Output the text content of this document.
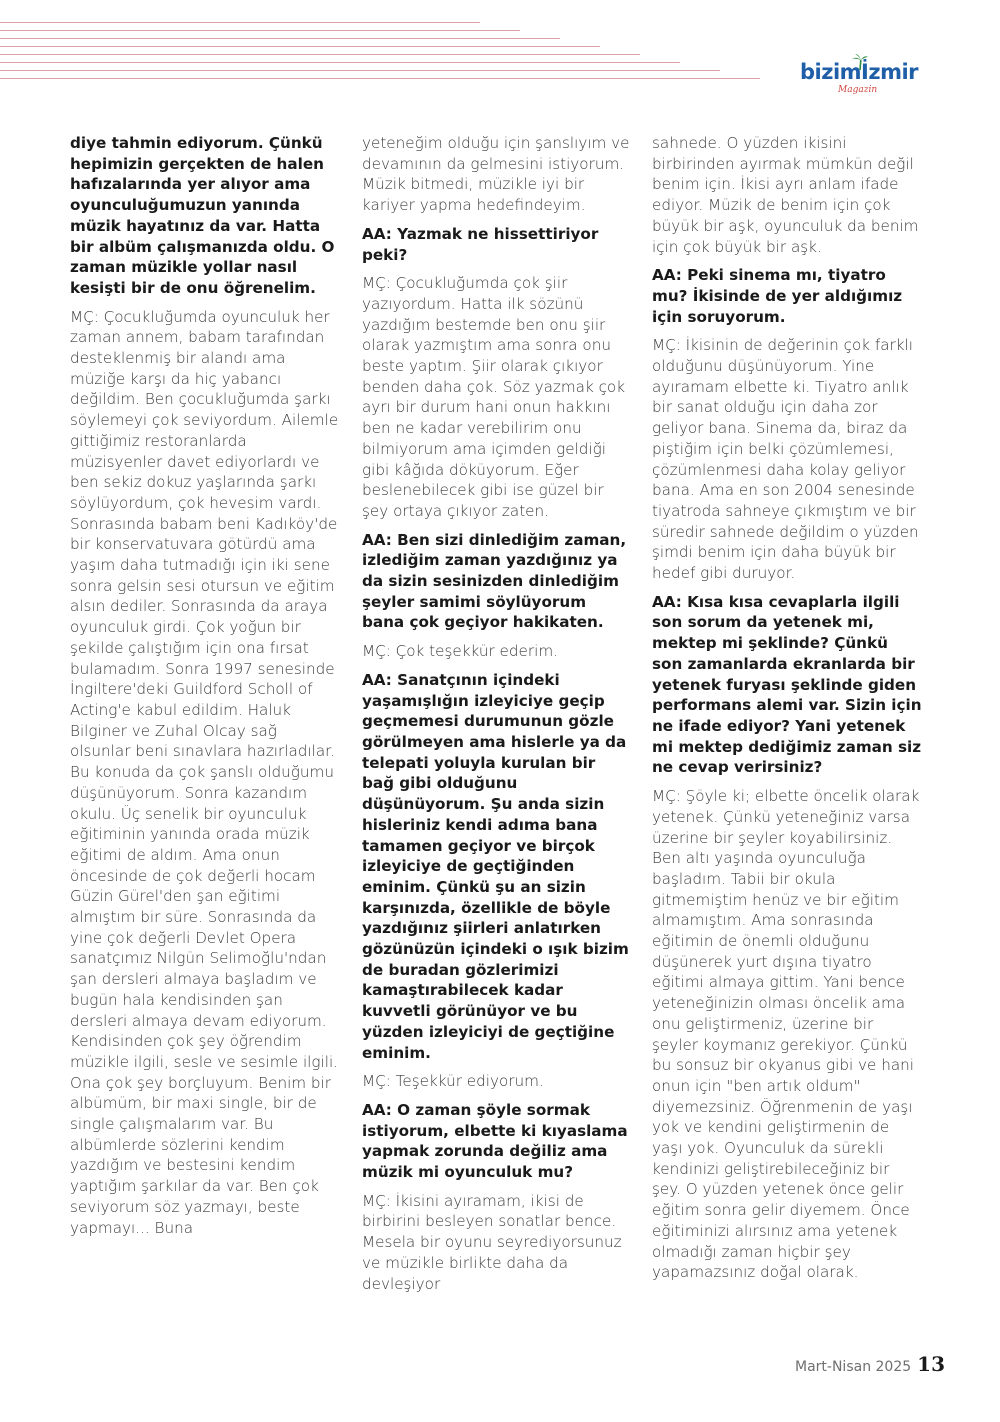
bizimİzmir
Magazin

diye tahmin ediyorum. Çünkü hepimizin gerçekten de halen hafızalarında yer alıyor ama oyunculuğumuzun yanında müzik hayatınız da var. Hatta bir albüm çalışmanızda oldu. O zaman müzikle yollar nasıl kesişti bir de onu öğrenelim.

MÇ: Çocukluğumda oyunculuk her zaman annem, babam tarafından desteklenmiş bir alandı ama müziğe karşı da hiç yabancı değildim. Ben çocukluğumda şarkı söylemeyi çok seviyordum. Ailemle gittiğimiz restoranlarda müzisyenler davet ediyorlardı ve ben sekiz dokuz yaşlarında şarkı söylüyordum, çok hevesim vardı. Sonrasında babam beni Kadıköy'de bir konservatuvara götürdü ama yaşım daha tutmadığı için iki sene sonra gelsin sesi otursun ve eğitim alsın dediler. Sonrasında da araya oyunculuk girdi. Çok yoğun bir şekilde çalıştığım için ona fırsat bulamadım. Sonra 1997 senesinde İngiltere'deki Guildford Scholl of Acting'e kabul edildim. Haluk Bilginer ve Zuhal Olcay sağ olsunlar beni sınavlara hazırladılar. Bu konuda da çok şanslı olduğumu düşünüyorum. Sonra kazandım okulu. Üç senelik bir oyunculuk eğitiminin yanında orada müzik eğitimi de aldım. Ama onun öncesinde de çok değerli hocam Güzin Gürel'den şan eğitimi almıştım bir süre. Sonrasında da yine çok değerli Devlet Opera sanatçımız Nilgün Selimoğlu'ndan şan dersleri almaya başladım ve bugün hala kendisinden şan dersleri almaya devam ediyorum. Kendisinden çok şey öğrendim müzikle ilgili, sesle ve sesimle ilgili. Ona çok şey borçluyum. Benim bir albümüm, bir maxi single, bir de single çalışmalarım var. Bu albümlerde sözlerini kendim yazdığım ve bestesini kendim yaptığım şarkılar da var. Ben çok seviyorum söz yazmayı, beste yapmayı... Buna

yeteneğim olduğu için şanslıyım ve devamının da gelmesini istiyorum. Müzik bitmedi, müzikle iyi bir kariyer yapma hedefindeyim.

AA: Yazmak ne hissettiriyor peki?

MÇ: Çocukluğumda çok şiir yazıyordum. Hatta ilk sözünü yazdığım bestemde ben onu şiir olarak yazmıştım ama sonra onu beste yaptım. Şiir olarak çıkıyor benden daha çok. Söz yazmak çok ayrı bir durum hani onun hakkını ben ne kadar verebilirim onu bilmiyorum ama içimden geldiği gibi kâğıda döküyorum. Eğer beslenebilecek gibi ise güzel bir şey ortaya çıkıyor zaten.

AA: Ben sizi dinlediğim zaman, izlediğim zaman yazdığınız ya da sizin sesinizden dinlediğim şeyler samimi söylüyorum bana çok geçiyor hakikaten.

MÇ: Çok teşekkür ederim.

AA: Sanatçının içindeki yaşamışlığın izleyiciye geçip geçmemesi durumunun gözle görülmeyen ama hislerle ya da telepati yoluyla kurulan bir bağ gibi olduğunu düşünüyorum. Şu anda sizin hisleriniz kendi adıma bana tamamen geçiyor ve birçok izleyiciye de geçtiğinden eminim. Çünkü şu an sizin karşınızda, özellikle de böyle yazdığınız şiirleri anlatırken gözünüzün içindeki o ışık bizim de buradan gözlerimizi kamaştırabilecek kadar kuvvetli görünüyor ve bu yüzden izleyiciyi de geçtiğine eminim.

MÇ: Teşekkür ediyorum.

AA: O zaman şöyle sormak istiyorum, elbette ki kıyaslama yapmak zorunda değiliz ama müzik mi oyunculuk mu?

MÇ: İkisini ayıramam, ikisi de birbirini besleyen sonatlar bence. Mesela bir oyunu seyrediyorsunuz ve müzikle birlikte daha da devleşiyor

sahnede. O yüzden ikisini birbirinden ayırmak mümkün değil benim için. İkisi ayrı anlam ifade ediyor. Müzik de benim için çok büyük bir aşk, oyunculuk da benim için çok büyük bir aşk.

AA: Peki sinema mı, tiyatro mu? İkisinde de yer aldığımız için soruyorum.

MÇ: İkisinin de değerinin çok farklı olduğunu düşünüyorum. Yine ayıramam elbette ki. Tiyatro anlık bir sanat olduğu için daha zor geliyor bana. Sinema da, biraz da piştiğim için belki çözümlemesi, çözümlenmesi daha kolay geliyor bana. Ama en son 2004 senesinde tiyatroda sahneye çıkmıştım ve bir süredir sahnede değildim o yüzden şimdi benim için daha büyük bir hedef gibi duruyor.

AA: Kısa kısa cevaplarla ilgili son sorum da yetenek mi, mektep mi şeklinde? Çünkü son zamanlarda ekranlarda bir yetenek furyası şeklinde giden performans alemi var. Sizin için ne ifade ediyor? Yani yetenek mi mektep dediğimiz zaman siz ne cevap verirsiniz?

MÇ: Şöyle ki; elbette öncelik olarak yetenek. Çünkü yeteneğiniz varsa üzerine bir şeyler koyabilirsiniz. Ben altı yaşında oyunculuğa başladım. Tabii bir okula gitmemiştim henüz ve bir eğitim almamıştım. Ama sonrasında eğitimin de önemli olduğunu düşünerek yurt dışına tiyatro eğitimi almaya gittim. Yani bence yeteneğinizin olması öncelik ama onu geliştirmeniz, üzerine bir şeyler koymanız gerekiyor. Çünkü bu sonsuz bir okyanus gibi ve hani onun için "ben artık oldum" diyemezsiniz. Öğrenmenin de yaşı yok ve kendini geliştirmenin de yaşı yok. Oyunculuk da sürekli kendinizi geliştirebileceğiniz bir şey. O yüzden yetenek önce gelir eğitim sonra gelir diyemem. Önce eğitiminizi alırsınız ama yetenek olmadığı zaman hiçbir şey yapamazsınız doğal olarak.

Mart-Nisan 2025 13
